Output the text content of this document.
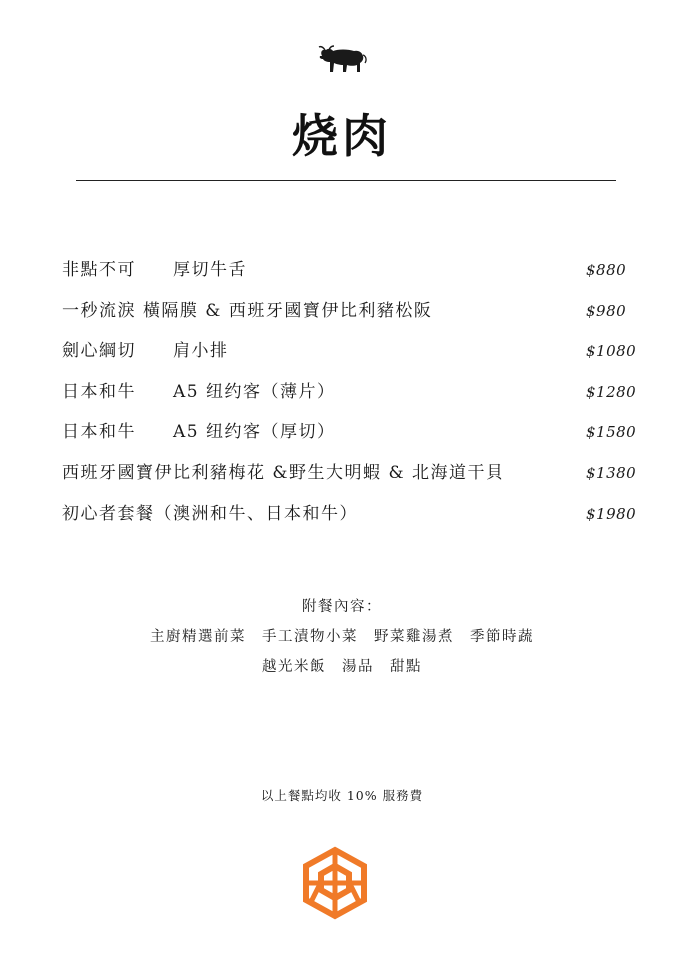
烧肉
非點不可　　厚切牛舌	$880
一秒流淚 橫隔膜 & 西班牙國寶伊比利豬松阪	$980
劍心綱切　　肩小排	$1080
日本和牛　　A5 纽约客（薄片）	$1280
日本和牛　　A5 纽约客（厚切）	$1580
西班牙國寶伊比利豬梅花 &野生大明蝦 & 北海道干貝	$1380
初心者套餐（澳洲和牛、日本和牛）	$1980
附餐內容：
主廚精選前菜　手工漬物小菜　野菜雞湯煮　季節時蔬
越光米飯　湯品　甜點
以上餐點均收 10% 服務費
